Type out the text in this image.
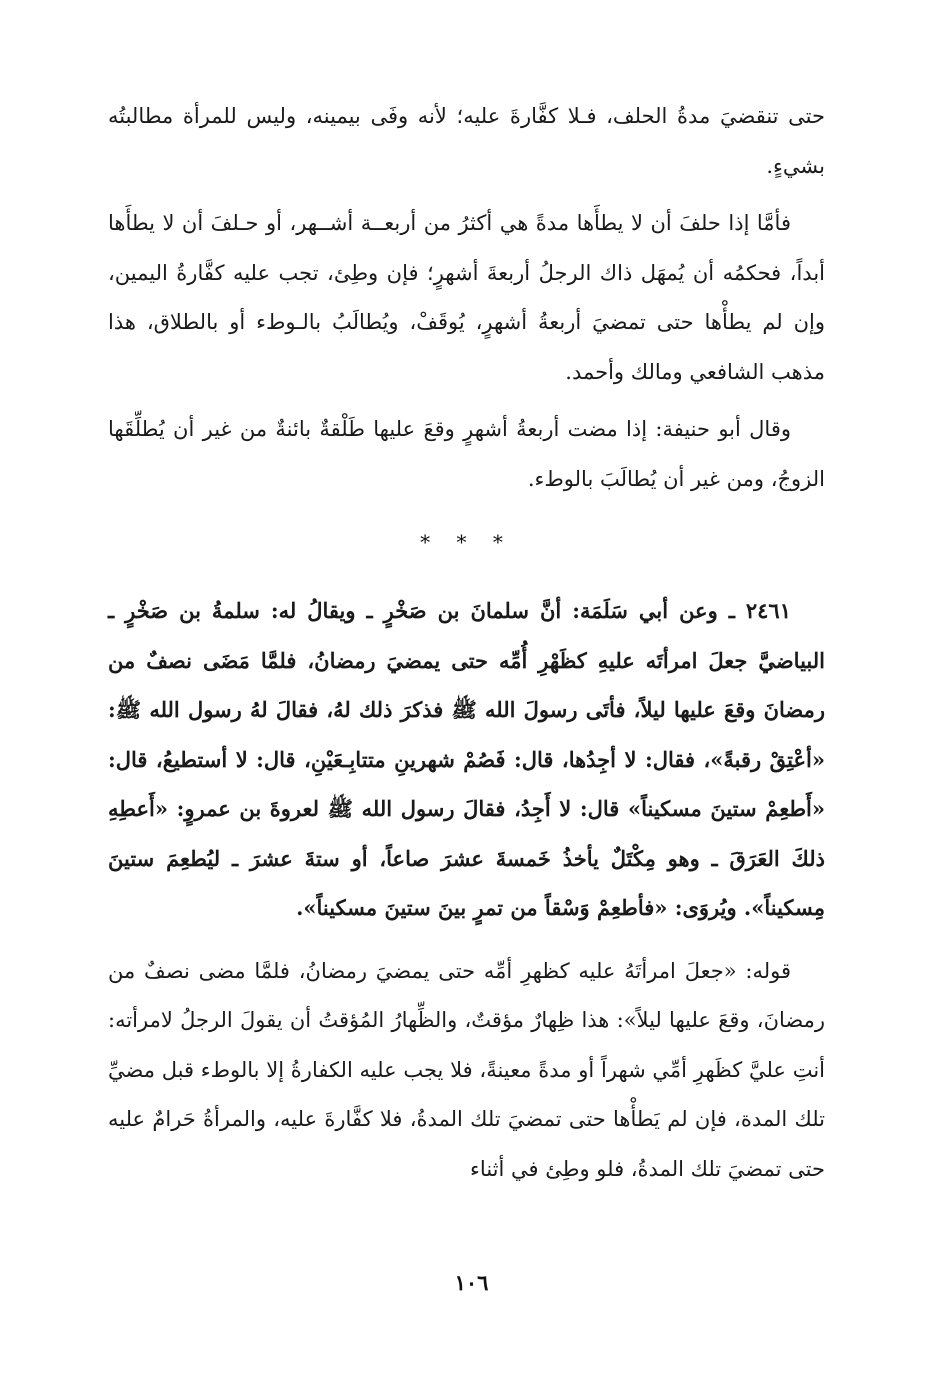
حتى تنقضيَ مدةُ الحلف، فـلا كفَّارةَ عليه؛ لأنه وفَى بيمينه، وليس للمرأة مطالبتُه بشيءٍ.

فأمَّا إذا حلفَ أن لا يطأَها مدةً هي أكثرُ من أربعــة أشــهر، أو حـلفَ أن لا يطأَها أبداً، فحكمُه أن يُمهَل ذاك الرجلُ أربعةَ أشهرٍ؛ فإن وطِئ، تجب عليه كفَّارةُ اليمين، وإن لم يطأْها حتى تمضيَ أربعةُ أشهرٍ، يُوقَفْ، ويُطالَبُ بالـوطء أو بالطلاق، هذا مذهب الشافعي ومالك وأحمد.

وقال أبو حنيفة: إذا مضت أربعةُ أشهرٍ وقعَ عليها طَلْقةٌ بائنةٌ من غير أن يُطلِّقَها الزوجُ، ومن غير أن يُطالَبَ بالوطء.

* * *

٢٤٦١ ـ وعن أبي سَلَمَة: أنَّ سلمانَ بن صَخْرٍ ـ ويقالُ له: سلمةُ بن صَخْرٍ ـ البياضيَّ جعلَ امرأتَه عليهِ كظَهْرِ أُمِّه حتى يمضيَ رمضانُ، فلمَّا مَضَى نصفٌ من رمضانَ وقعَ عليها ليلاً، فأتَى رسولَ الله ﷺ فذكرَ ذلك لهُ، فقالَ لهُ رسول الله ﷺ: «أعْتِقْ رقبةً»، فقال: لا أجِدُها، قال: فَصُمْ شهرينِ متتابِـعَيْنِ، قال: لا أستطيعُ، قال: «أَطعِمْ ستينَ مسكيناً» قال: لا أَجِدُ، فقالَ رسول الله ﷺ لعروةَ بن عمروٍ: «أَعطِهِ ذلكَ العَرَقَ ـ وهو مِكْتَلٌ يأخذُ خَمسةَ عشرَ صاعاً، أو ستةَ عشرَ ـ ليُطعِمَ ستينَ مِسكيناً». ويُروَى: «فأطعِمْ وَسْقاً من تمرٍ بينَ ستينَ مسكيناً».

قوله: «جعلَ امرأتَهُ عليه كظهرِ أمِّه حتى يمضيَ رمضانُ، فلمَّا مضى نصفٌ من رمضانَ، وقعَ عليها ليلاً»: هذا ظِهارٌ مؤقتٌ، والظِّهارُ المُؤقتُ أن يقولَ الرجلُ لامرأته: أنتِ عليَّ كظَهرِ أمِّي شهراً أو مدةً معينةً، فلا يجب عليه الكفارةُ إلا بالوطء قبل مضيِّ تلك المدة، فإن لم يَطأْها حتى تمضيَ تلك المدةُ، فلا كفَّارةَ عليه، والمرأةُ حَرامٌ عليه حتى تمضيَ تلك المدةُ، فلو وطِئ في أثناء

١٠٦
